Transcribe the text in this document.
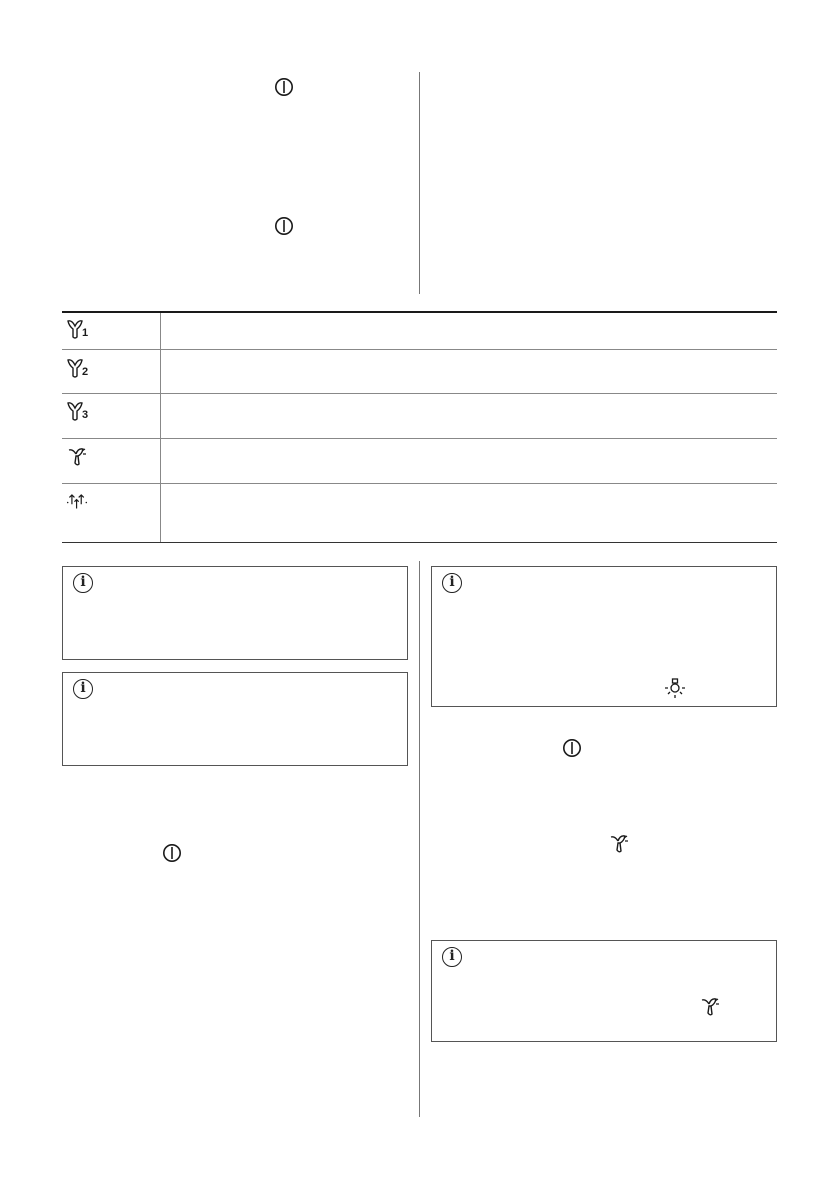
1
2
3
i
i
i
i
